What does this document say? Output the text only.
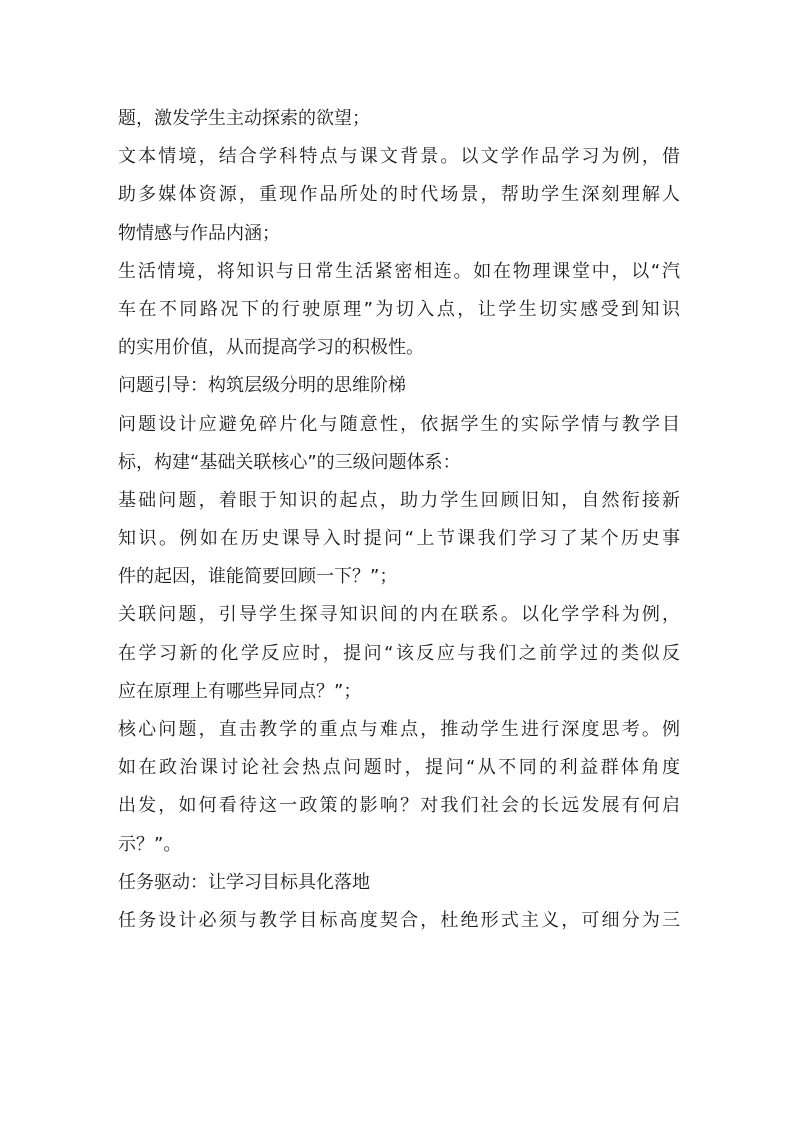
题，激发学生主动探索的欲望；
文本情境，结合学科特点与课文背景。以文学作品学习为例，借
助多媒体资源，重现作品所处的时代场景，帮助学生深刻理解人
物情感与作品内涵；
生活情境，将知识与日常生活紧密相连。如在物理课堂中，以“汽
车在不同路况下的行驶原理”为切入点，让学生切实感受到知识
的实用价值，从而提高学习的积极性。
问题引导：构筑层级分明的思维阶梯
问题设计应避免碎片化与随意性，依据学生的实际学情与教学目
标，构建“基础关联核心”的三级问题体系：
基础问题，着眼于知识的起点，助力学生回顾旧知，自然衔接新
知识。例如在历史课导入时提问“上节课我们学习了某个历史事
件的起因，谁能简要回顾一下？”；
关联问题，引导学生探寻知识间的内在联系。以化学学科为例，
在学习新的化学反应时，提问“该反应与我们之前学过的类似反
应在原理上有哪些异同点？”；
核心问题，直击教学的重点与难点，推动学生进行深度思考。例
如在政治课讨论社会热点问题时，提问“从不同的利益群体角度
出发，如何看待这一政策的影响？对我们社会的长远发展有何启
示？”。
任务驱动：让学习目标具化落地
任务设计必须与教学目标高度契合，杜绝形式主义，可细分为三
